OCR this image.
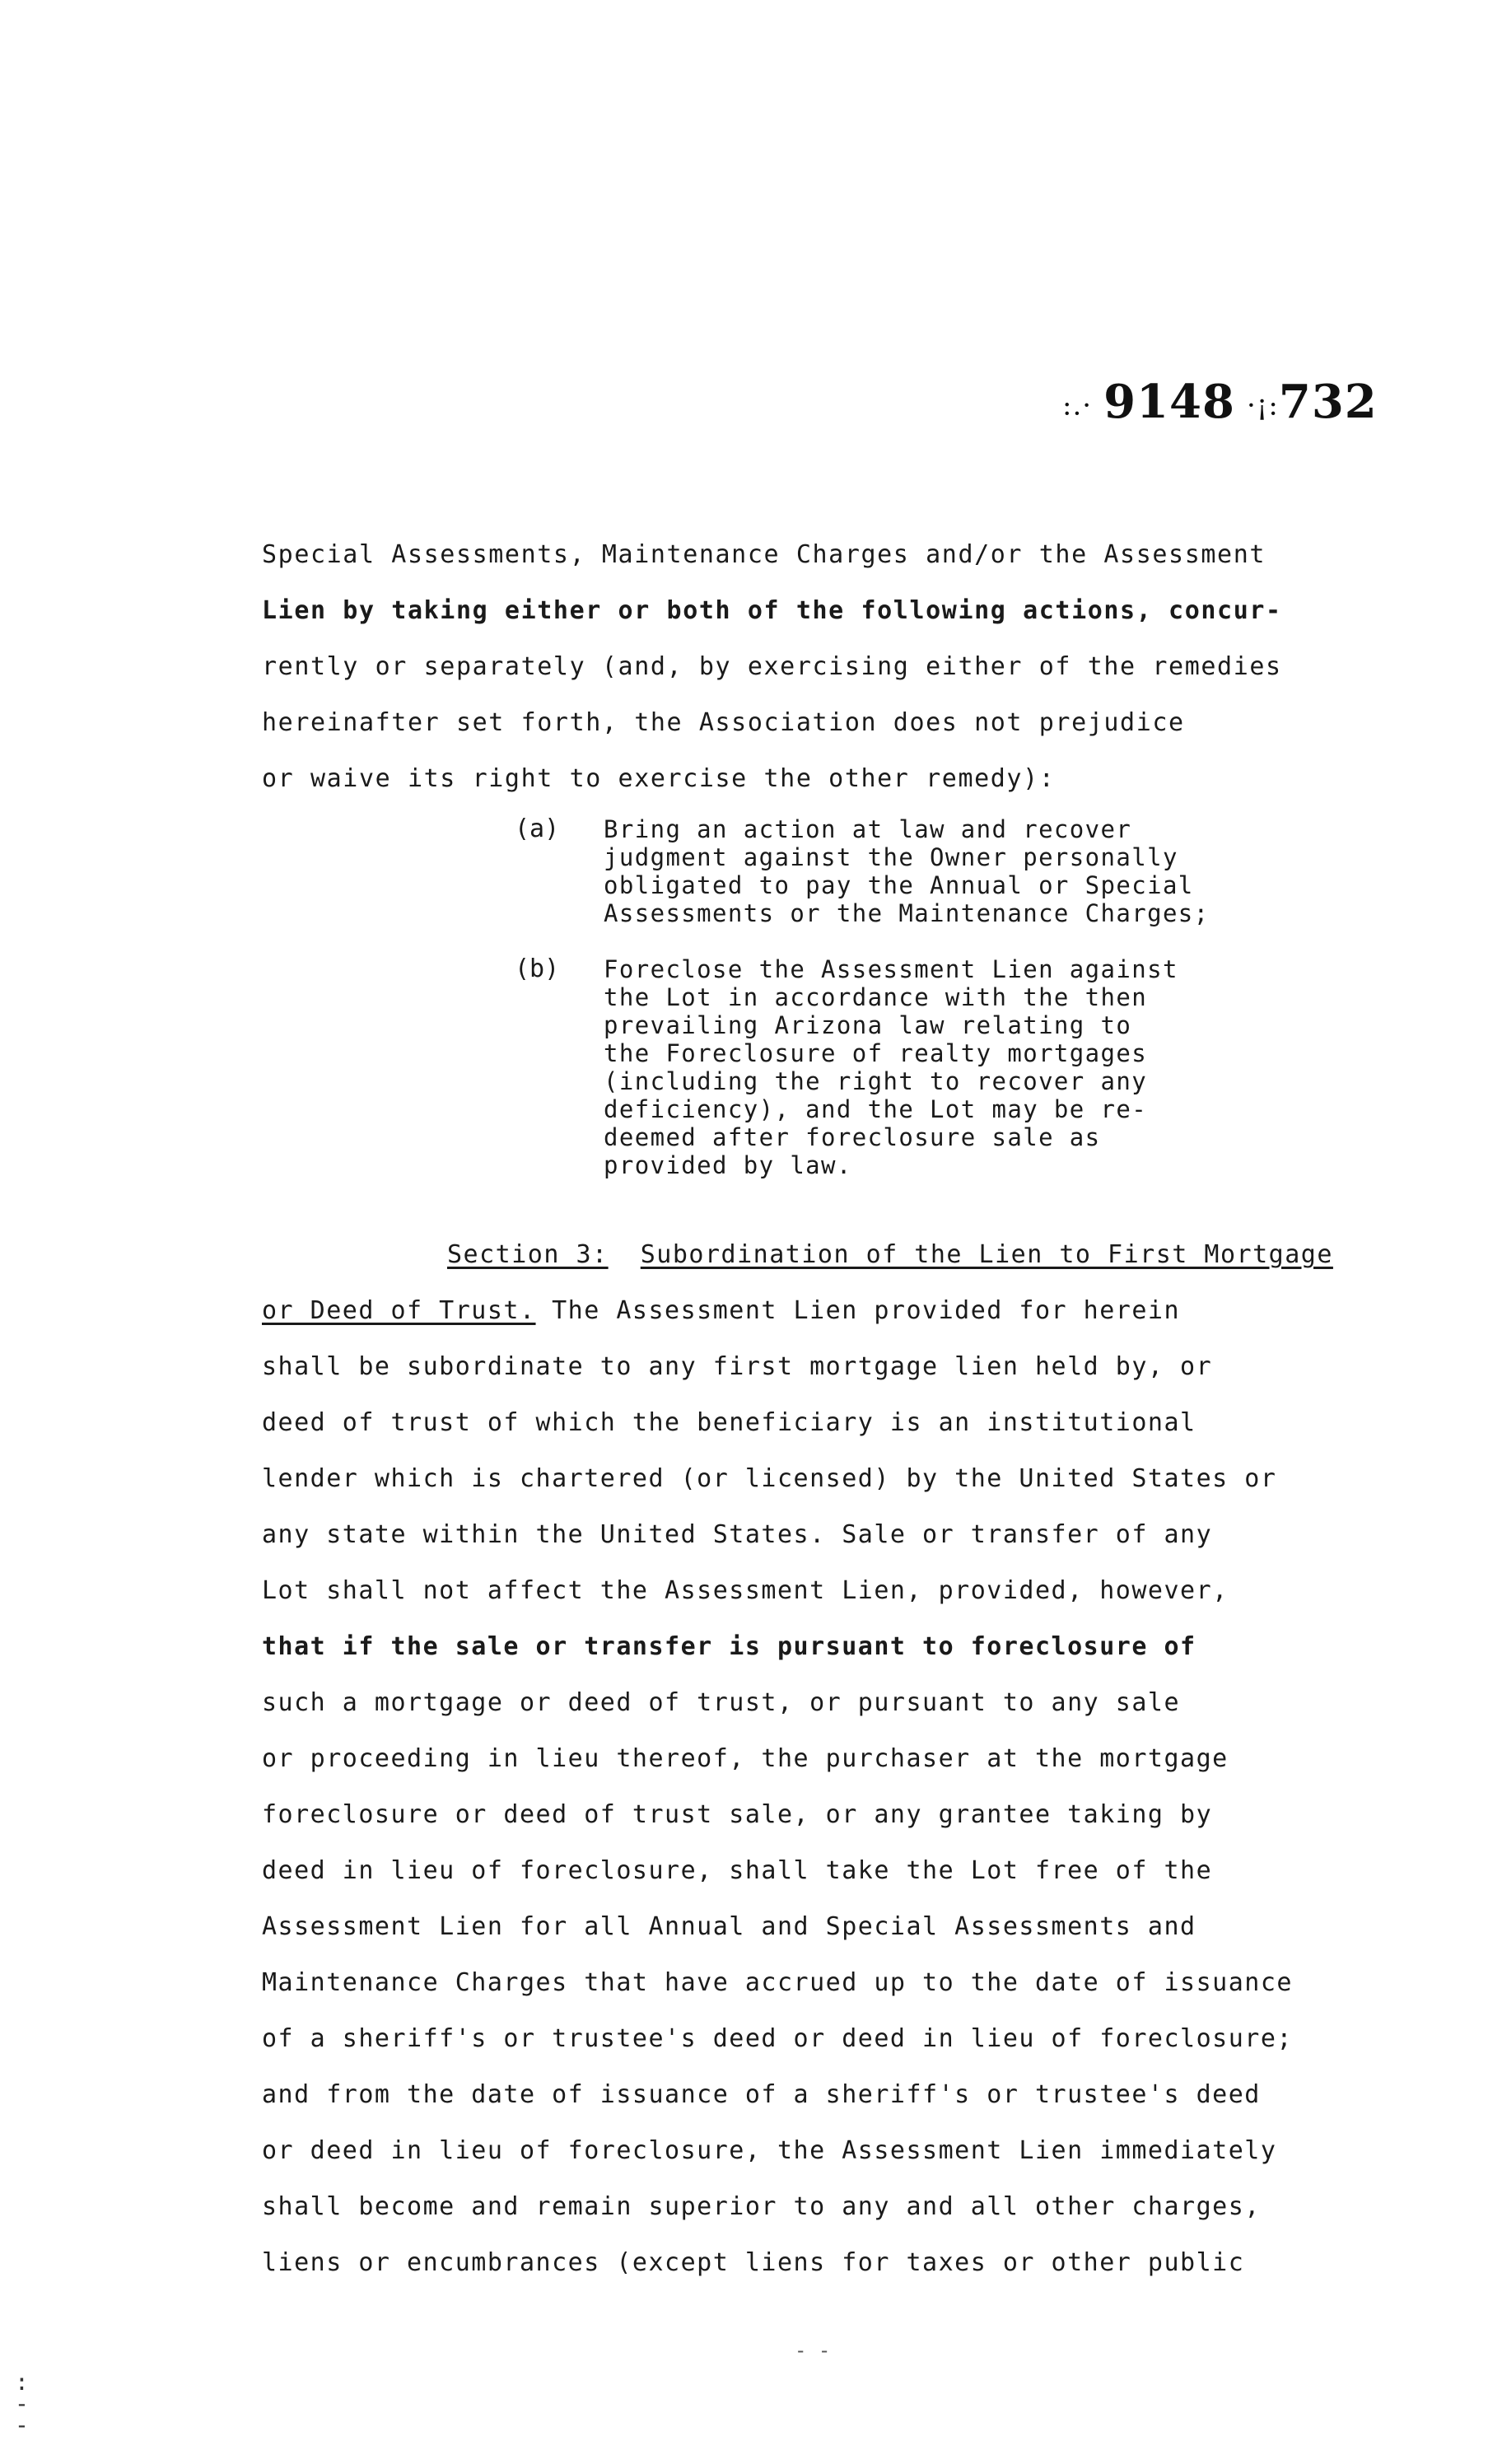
:.· 9148 ·¡:732
Special Assessments, Maintenance Charges and/or the Assessment
Lien by taking either or both of the following actions, concur-
rently or separately (and, by exercising either of the remedies
hereinafter set forth, the Association does not prejudice
or waive its right to exercise the other remedy):
(a) Bring an action at law and recover
judgment against the Owner personally
obligated to pay the Annual or Special
Assessments or the Maintenance Charges;
(b) Foreclose the Assessment Lien against
the Lot in accordance with the then
prevailing Arizona law relating to
the Foreclosure of realty mortgages
(including the right to recover any
deficiency), and the Lot may be re-
deemed after foreclosure sale as
provided by law.
Section 3: Subordination of the Lien to First Mortgage
or Deed of Trust. The Assessment Lien provided for herein
shall be subordinate to any first mortgage lien held by, or
deed of trust of which the beneficiary is an institutional
lender which is chartered (or licensed) by the United States or
any state within the United States. Sale or transfer of any
Lot shall not affect the Assessment Lien, provided, however,
that if the sale or transfer is pursuant to foreclosure of
such a mortgage or deed of trust, or pursuant to any sale
or proceeding in lieu thereof, the purchaser at the mortgage
foreclosure or deed of trust sale, or any grantee taking by
deed in lieu of foreclosure, shall take the Lot free of the
Assessment Lien for all Annual and Special Assessments and
Maintenance Charges that have accrued up to the date of issuance
of a sheriff's or trustee's deed or deed in lieu of foreclosure;
and from the date of issuance of a sheriff's or trustee's deed
or deed in lieu of foreclosure, the Assessment Lien immediately
shall become and remain superior to any and all other charges,
liens or encumbrances (except liens for taxes or other public
- -
:
-
-
